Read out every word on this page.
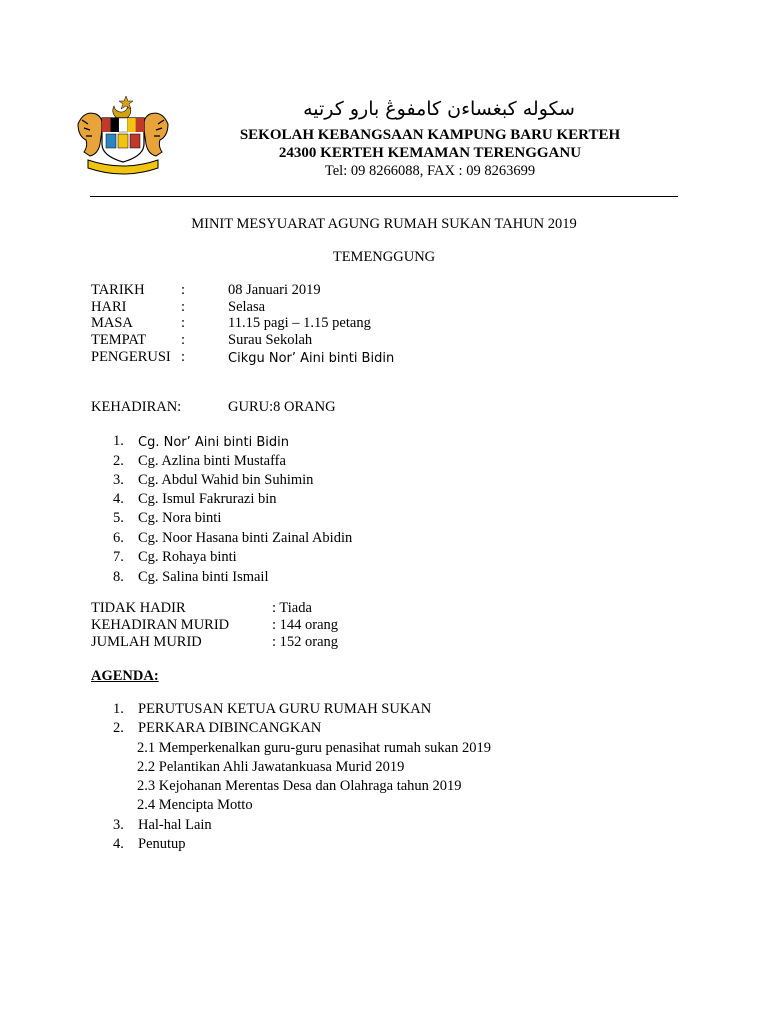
سکوله کبغساءن کامفوڠ بارو کرتيه
SEKOLAH KEBANGSAAN KAMPUNG BARU KERTEH
24300 KERTEH KEMAMAN TERENGGANU
Tel: 09 8266088, FAX : 09 8263699
MINIT MESYUARAT AGUNG RUMAH SUKAN TAHUN 2019
TEMENGGUNG
TARIKH	:	08 Januari 2019
HARI	:	Selasa
MASA	:	11.15 pagi – 1.15 petang
TEMPAT :	Surau Sekolah
PENGERUSI :	Cikgu Nor’ Aini binti Bidin
KEHADIRAN:	GURU:8 ORANG
1. Cg. Nor’ Aini binti Bidin
2. Cg. Azlina binti Mustaffa
3. Cg. Abdul Wahid bin Suhimin
4. Cg. Ismul Fakrurazi bin
5. Cg. Nora binti
6. Cg. Noor Hasana binti Zainal Abidin
7. Cg. Rohaya binti
8. Cg. Salina binti Ismail
TIDAK HADIR	: Tiada
KEHADIRAN MURID	: 144 orang
JUMLAH MURID	: 152 orang
AGENDA:
1. PERUTUSAN KETUA GURU RUMAH SUKAN
2. PERKARA DIBINCANGKAN
2.1 Memperkenalkan guru-guru penasihat rumah sukan 2019
2.2 Pelantikan Ahli Jawatankuasa Murid 2019
2.3 Kejohanan Merentas Desa dan Olahraga tahun 2019
2.4 Mencipta Motto
3. Hal-hal Lain
4. Penutup
